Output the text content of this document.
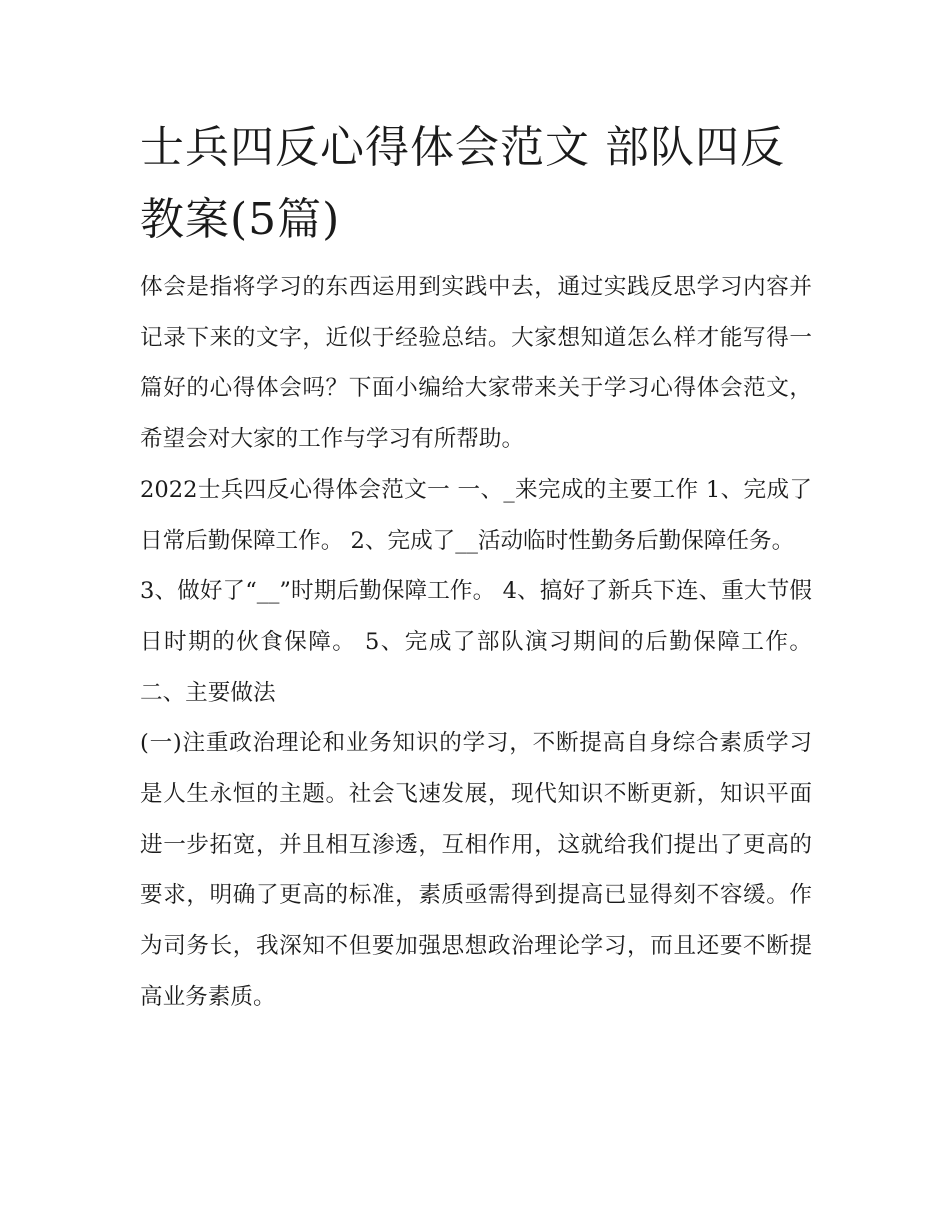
士兵四反心得体会范文 部队四反教案(5篇)

体会是指将学习的东西运用到实践中去，通过实践反思学习内容并记录下来的文字，近似于经验总结。大家想知道怎么样才能写得一篇好的心得体会吗？下面小编给大家带来关于学习心得体会范文，希望会对大家的工作与学习有所帮助。

2022士兵四反心得体会范文一 一、_来完成的主要工作 1、完成了日常后勤保障工作。 2、完成了__活动临时性勤务后勤保障任务。

3、做好了“__”时期后勤保障工作。 4、搞好了新兵下连、重大节假日时期的伙食保障。 5、完成了部队演习期间的后勤保障工作。 二、主要做法

(一)注重政治理论和业务知识的学习，不断提高自身综合素质学习是人生永恒的主题。社会飞速发展，现代知识不断更新，知识平面进一步拓宽，并且相互渗透，互相作用，这就给我们提出了更高的要求，明确了更高的标准，素质亟需得到提高已显得刻不容缓。作为司务长，我深知不但要加强思想政治理论学习，而且还要不断提高业务素质。
